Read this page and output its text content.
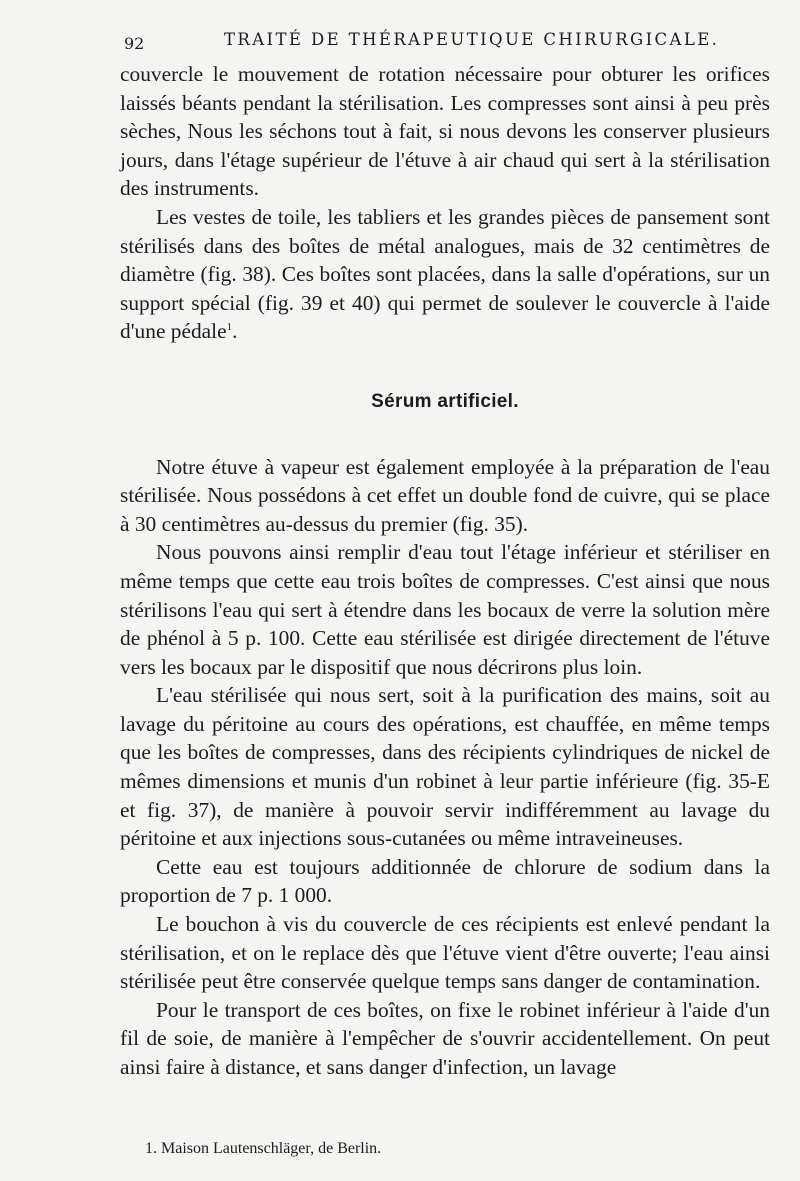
92	TRAITÉ DE THÉRAPEUTIQUE CHIRURGICALE.

couvercle le mouvement de rotation nécessaire pour obturer les orifices laissés béants pendant la stérilisation. Les compresses sont ainsi à peu près sèches, Nous les séchons tout à fait, si nous devons les conserver plusieurs jours, dans l'étage supérieur de l'étuve à air chaud qui sert à la stérilisation des instruments.

Les vestes de toile, les tabliers et les grandes pièces de pansement sont stérilisés dans des boîtes de métal analogues, mais de 32 centimètres de diamètre (fig. 38). Ces boîtes sont placées, dans la salle d'opérations, sur un support spécial (fig. 39 et 40) qui permet de soulever le couvercle à l'aide d'une pédale$^1$.

Sérum artificiel.

Notre étuve à vapeur est également employée à la préparation de l'eau stérilisée. Nous possédons à cet effet un double fond de cuivre, qui se place à 30 centimètres au-dessus du premier (fig. 35).

Nous pouvons ainsi remplir d'eau tout l'étage inférieur et stériliser en même temps que cette eau trois boîtes de compresses. C'est ainsi que nous stérilisons l'eau qui sert à étendre dans les bocaux de verre la solution mère de phénol à 5 p. 100. Cette eau stérilisée est dirigée directement de l'étuve vers les bocaux par le dispositif que nous décrirons plus loin.

L'eau stérilisée qui nous sert, soit à la purification des mains, soit au lavage du péritoine au cours des opérations, est chauffée, en même temps que les boîtes de compresses, dans des récipients cylindriques de nickel de mêmes dimensions et munis d'un robinet à leur partie inférieure (fig. 35-E et fig. 37), de manière à pouvoir servir indifféremment au lavage du péritoine et aux injections sous-cutanées ou même intraveineuses.

Cette eau est toujours additionnée de chlorure de sodium dans la proportion de 7 p. 1 000.

Le bouchon à vis du couvercle de ces récipients est enlevé pendant la stérilisation, et on le replace dès que l'étuve vient d'être ouverte; l'eau ainsi stérilisée peut être conservée quelque temps sans danger de contamination.

Pour le transport de ces boîtes, on fixe le robinet inférieur à l'aide d'un fil de soie, de manière à l'empêcher de s'ouvrir accidentellement. On peut ainsi faire à distance, et sans danger d'infection, un lavage

1. Maison Lautenschläger, de Berlin.
